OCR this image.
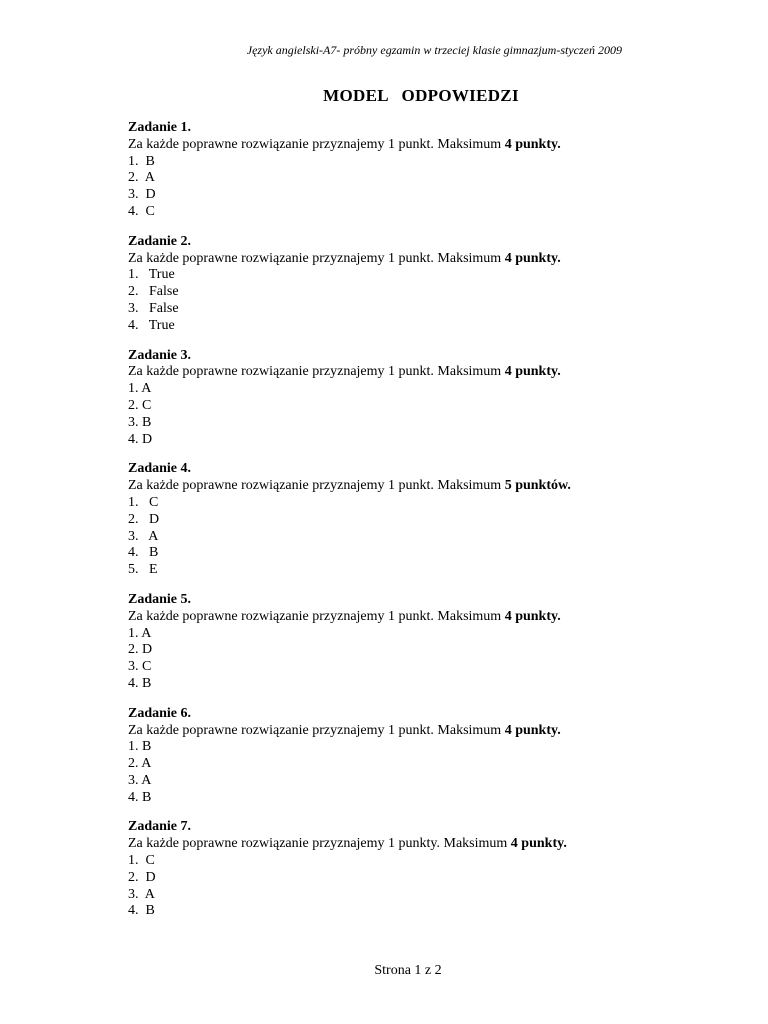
Język angielski-A7- próbny egzamin w trzeciej klasie gimnazjum-styczeń 2009
MODEL   ODPOWIEDZI
Zadanie 1.
Za każde poprawne rozwiązanie przyznajemy 1 punkt. Maksimum 4 punkty.
1.  B
2.  A
3.  D
4.  C
Zadanie 2.
Za każde poprawne rozwiązanie przyznajemy 1 punkt. Maksimum 4 punkty.
1.   True
2.   False
3.   False
4.   True
Zadanie 3.
Za każde poprawne rozwiązanie przyznajemy 1 punkt. Maksimum 4 punkty.
1. A
2. C
3. B
4. D
Zadanie 4.
Za każde poprawne rozwiązanie przyznajemy 1 punkt. Maksimum 5 punktów.
1.   C
2.   D
3.   A
4.   B
5.   E
Zadanie 5.
Za każde poprawne rozwiązanie przyznajemy 1 punkt. Maksimum 4 punkty.
1. A
2. D
3. C
4. B
Zadanie 6.
Za każde poprawne rozwiązanie przyznajemy 1 punkt. Maksimum 4 punkty.
1. B
2. A
3. A
4. B
Zadanie 7.
Za każde poprawne rozwiązanie przyznajemy 1 punkty. Maksimum 4 punkty.
1.  C
2.  D
3.  A
4.  B
Strona 1 z 2
